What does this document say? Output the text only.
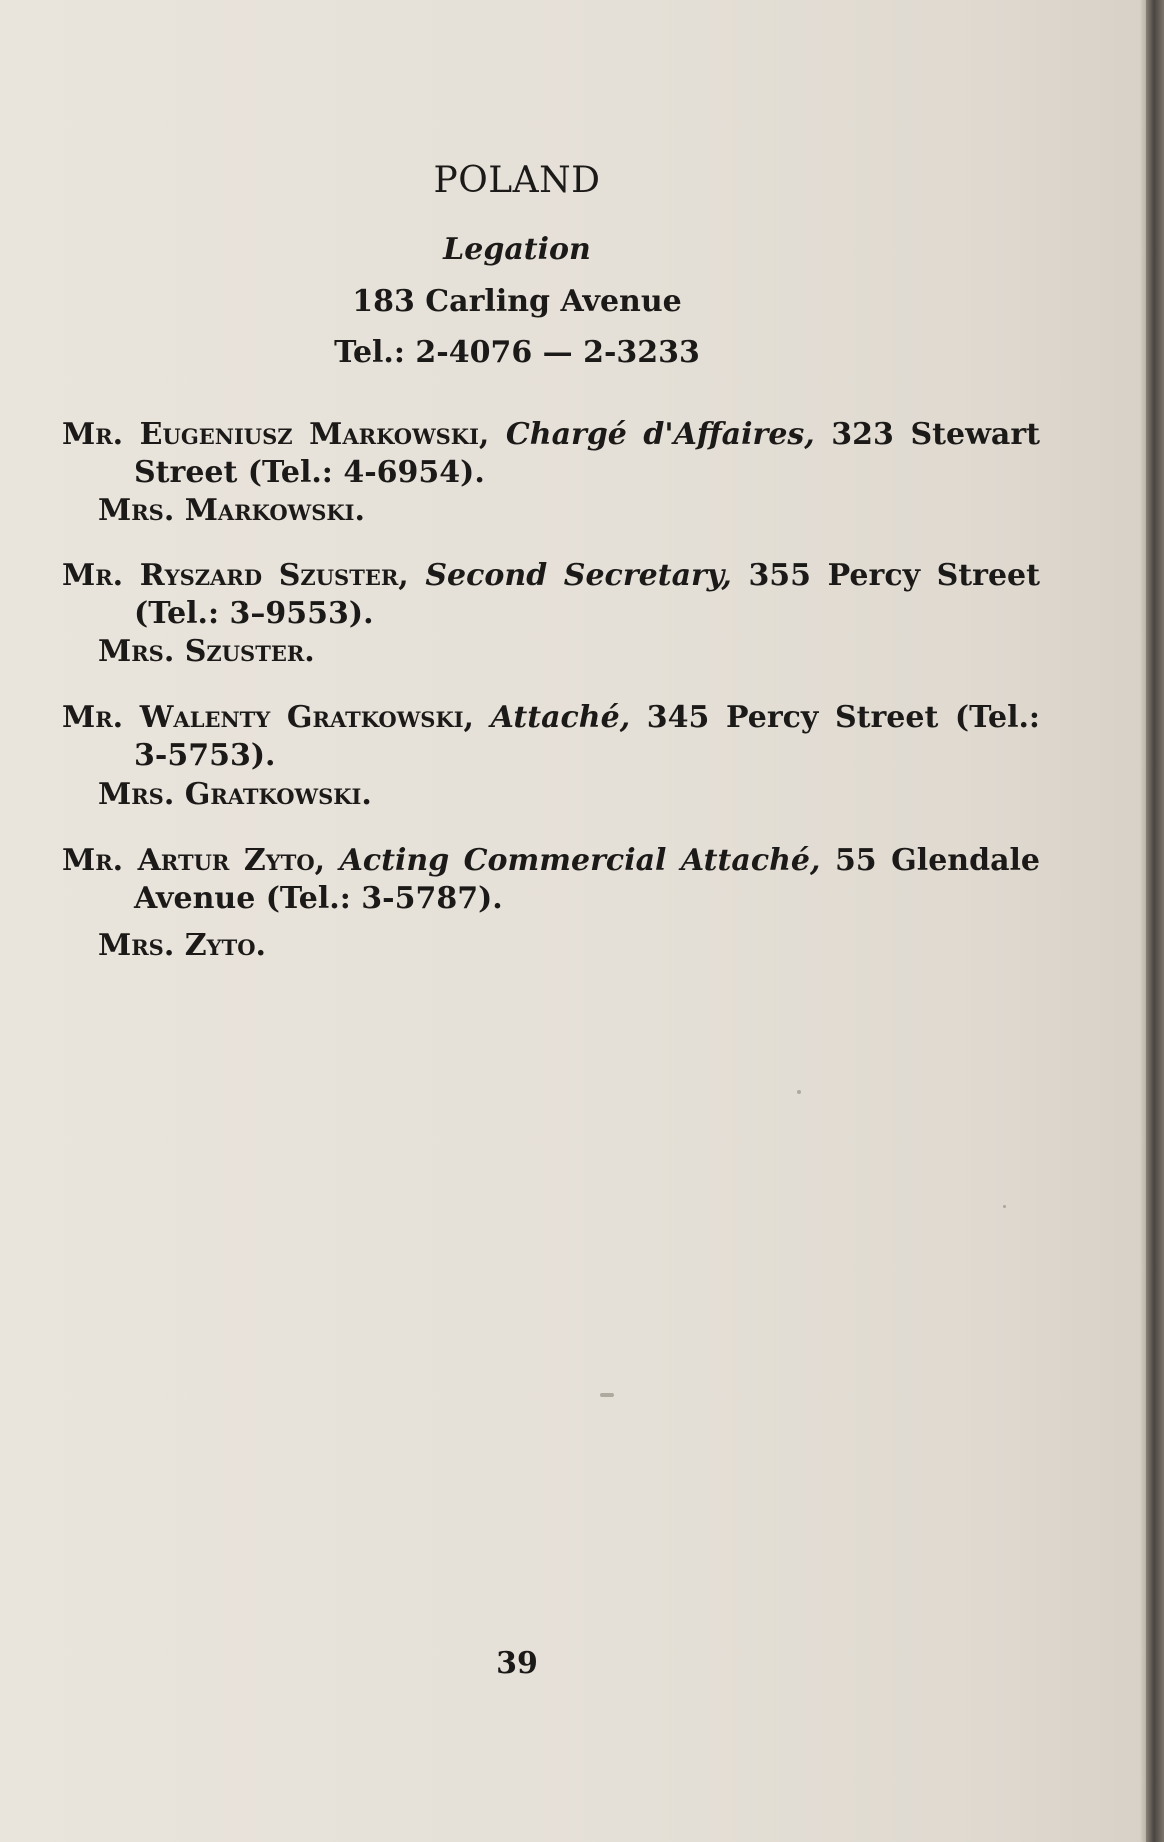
POLAND
Legation
183 Carling Avenue
Tel.: 2-4076 — 2-3233
Mr. Eugeniusz Markowski, Chargé d'Affaires, 323 Stewart Street (Tel.: 4-6954).
Mrs. Markowski.
Mr. Ryszard Szuster, Second Secretary, 355 Percy Street (Tel.: 3–9553).
Mrs. Szuster.
Mr. Walenty Gratkowski, Attaché, 345 Percy Street (Tel.: 3-5753).
Mrs. Gratkowski.
Mr. Artur Zyto, Acting Commercial Attaché, 55 Glendale Avenue (Tel.: 3-5787).
Mrs. Zyto.
39
